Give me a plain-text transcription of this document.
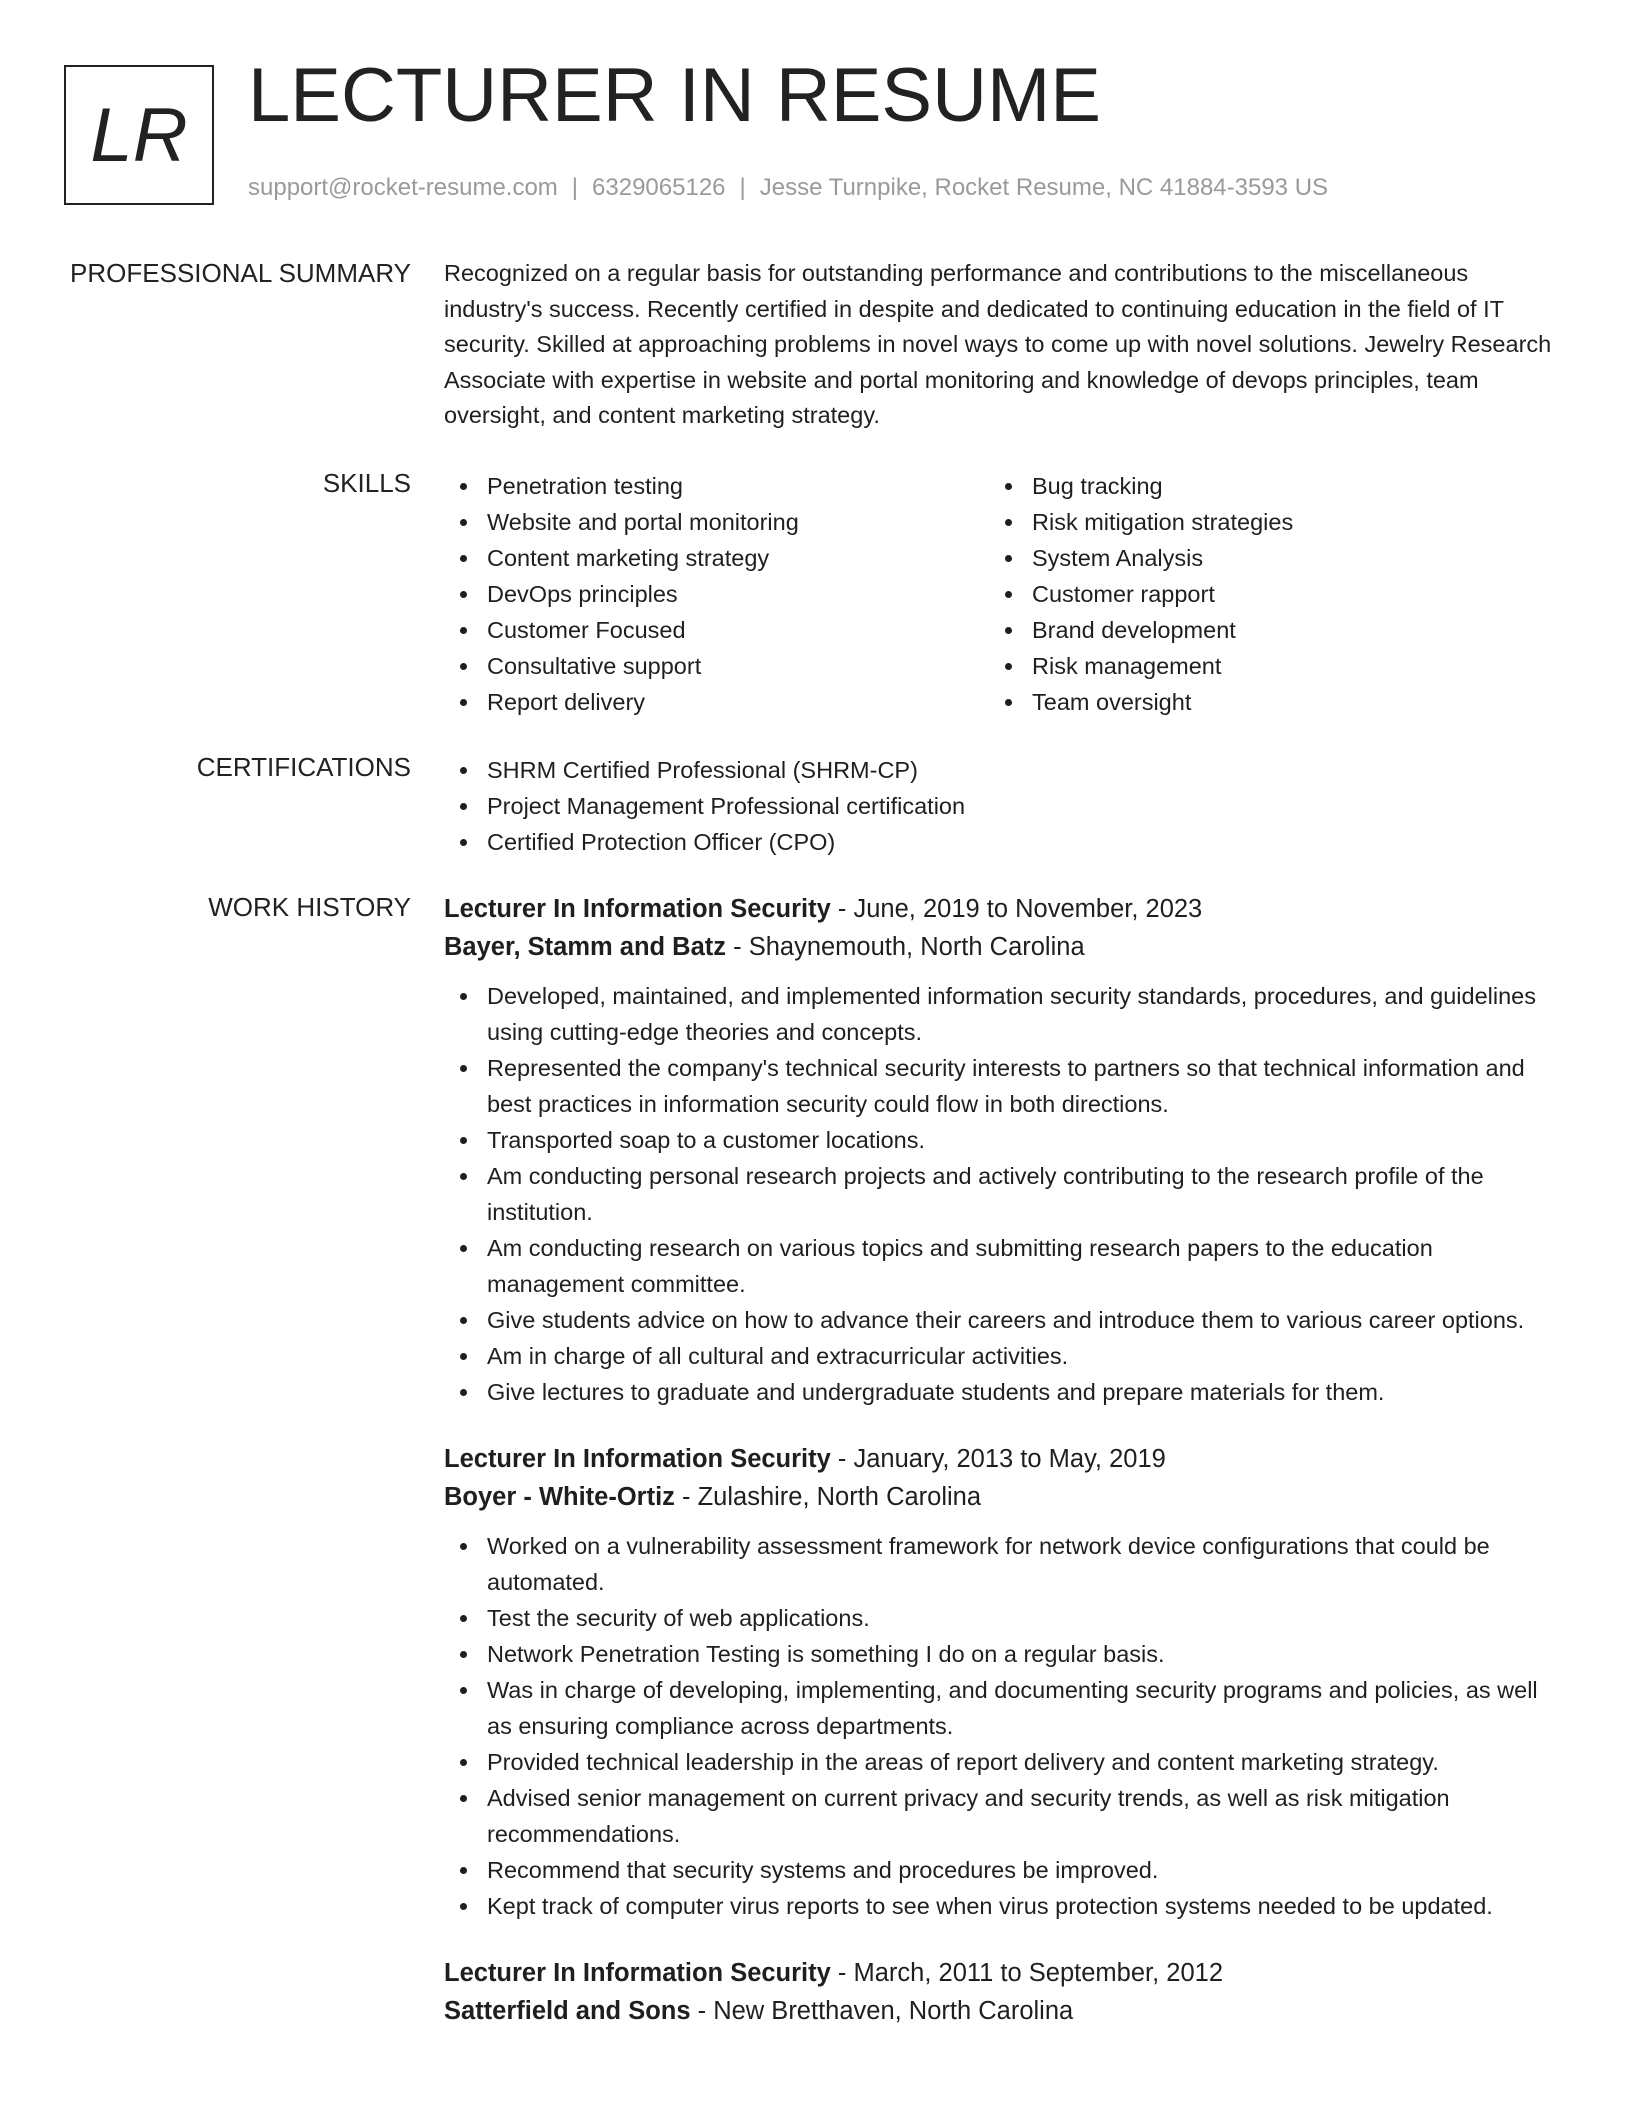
LR LECTURER IN RESUME
support@rocket-resume.com | 6329065126 | Jesse Turnpike, Rocket Resume, NC 41884-3593 US
PROFESSIONAL SUMMARY Recognized on a regular basis for outstanding performance and contributions to the miscellaneous industry's success. Recently certified in despite and dedicated to continuing education in the field of IT security. Skilled at approaching problems in novel ways to come up with novel solutions. Jewelry Research Associate with expertise in website and portal monitoring and knowledge of devops principles, team oversight, and content marketing strategy.
SKILLS	Penetration testing
Website and portal monitoring
Content marketing strategy
DevOps principles
Customer Focused
Consultative support
Report delivery
Bug tracking
Risk mitigation strategies
System Analysis
Customer rapport
Brand development
Risk management
Team oversight
CERTIFICATIONS	SHRM Certified Professional (SHRM-CP)
Project Management Professional certification
Certified Protection Officer (CPO)
WORK HISTORY Lecturer In Information Security - June, 2019 to November, 2023
Bayer, Stamm and Batz - Shaynemouth, North Carolina
Developed, maintained, and implemented information security standards, procedures, and guidelines using cutting-edge theories and concepts.
Represented the company's technical security interests to partners so that technical information and best practices in information security could flow in both directions.
Transported soap to a customer locations.
Am conducting personal research projects and actively contributing to the research profile of the institution.
Am conducting research on various topics and submitting research papers to the education management committee.
Give students advice on how to advance their careers and introduce them to various career options.
Am in charge of all cultural and extracurricular activities.
Give lectures to graduate and undergraduate students and prepare materials for them.
Lecturer In Information Security - January, 2013 to May, 2019
Boyer - White-Ortiz - Zulashire, North Carolina
Worked on a vulnerability assessment framework for network device configurations that could be automated.
Test the security of web applications.
Network Penetration Testing is something I do on a regular basis.
Was in charge of developing, implementing, and documenting security programs and policies, as well as ensuring compliance across departments.
Provided technical leadership in the areas of report delivery and content marketing strategy.
Advised senior management on current privacy and security trends, as well as risk mitigation recommendations.
Recommend that security systems and procedures be improved.
Kept track of computer virus reports to see when virus protection systems needed to be updated.
Lecturer In Information Security - March, 2011 to September, 2012
Satterfield and Sons - New Bretthaven, North Carolina
